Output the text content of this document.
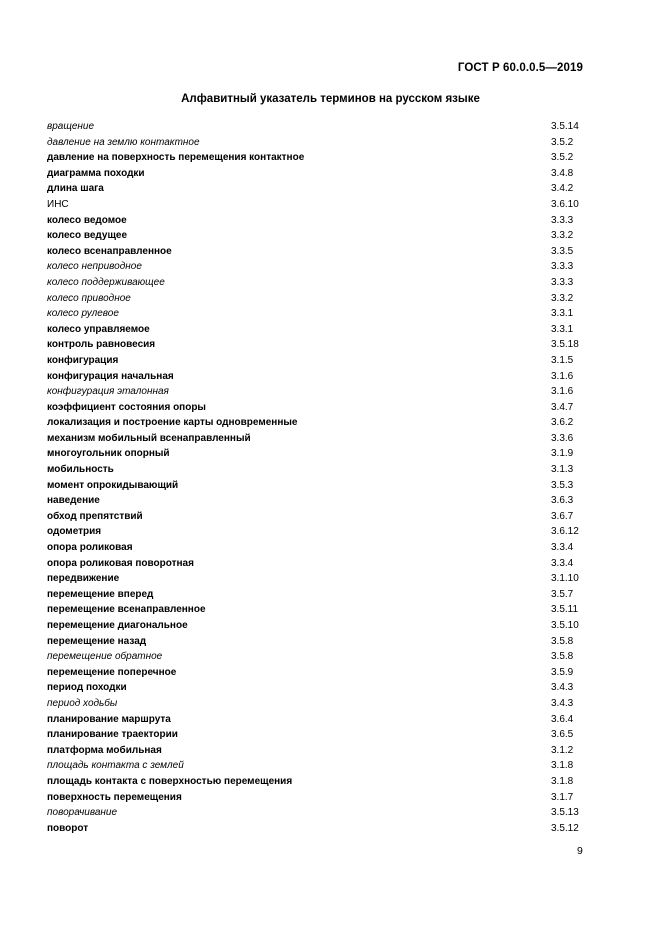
ГОСТ Р 60.0.0.5—2019
Алфавитный указатель терминов на русском языке
вращение	3.5.14
давление на землю контактное	3.5.2
давление на поверхность перемещения контактное	3.5.2
диаграмма походки	3.4.8
длина шага	3.4.2
ИНС	3.6.10
колесо ведомое	3.3.3
колесо ведущее	3.3.2
колесо всенаправленное	3.3.5
колесо неприводное	3.3.3
колесо поддерживающее	3.3.3
колесо приводное	3.3.2
колесо рулевое	3.3.1
колесо управляемое	3.3.1
контроль равновесия	3.5.18
конфигурация	3.1.5
конфигурация начальная	3.1.6
конфигурация эталонная	3.1.6
коэффициент состояния опоры	3.4.7
локализация и построение карты одновременные	3.6.2
механизм мобильный всенаправленный	3.3.6
многоугольник опорный	3.1.9
мобильность	3.1.3
момент опрокидывающий	3.5.3
наведение	3.6.3
обход препятствий	3.6.7
одометрия	3.6.12
опора роликовая	3.3.4
опора роликовая поворотная	3.3.4
передвижение	3.1.10
перемещение вперед	3.5.7
перемещение всенаправленное	3.5.11
перемещение диагональное	3.5.10
перемещение назад	3.5.8
перемещение обратное	3.5.8
перемещение поперечное	3.5.9
период походки	3.4.3
период ходьбы	3.4.3
планирование маршрута	3.6.4
планирование траектории	3.6.5
платформа мобильная	3.1.2
площадь контакта с землей	3.1.8
площадь контакта с поверхностью перемещения	3.1.8
поверхность перемещения	3.1.7
поворачивание	3.5.13
поворот	3.5.12
9
